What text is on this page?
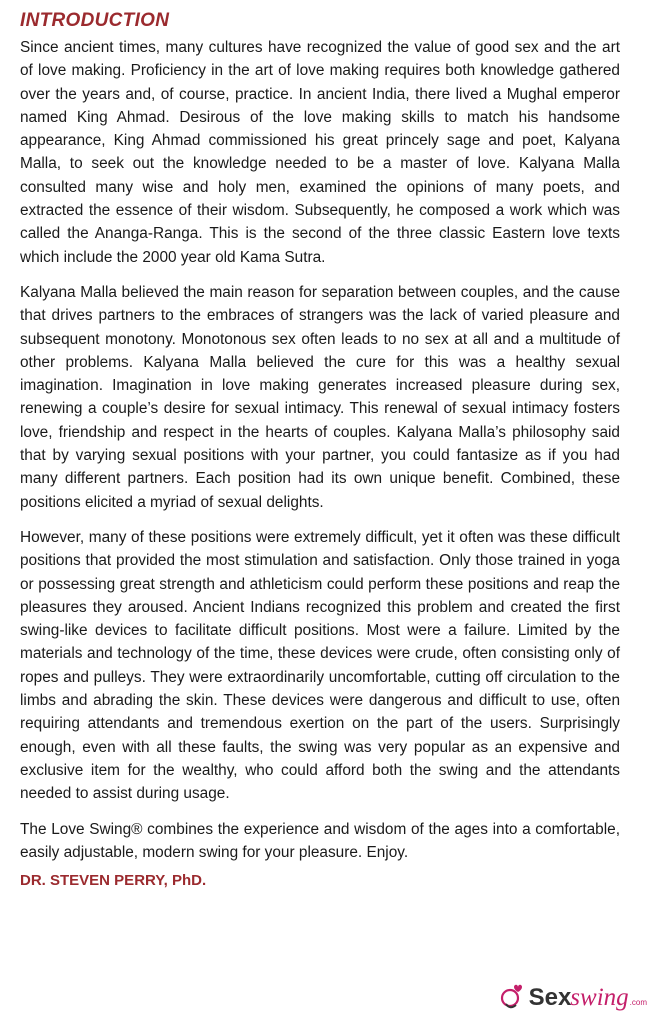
INTRODUCTION

Since ancient times, many cultures have recognized the value of good sex and the art of love making. Proficiency in the art of love making requires both knowledge gathered over the years and, of course, practice. In ancient India, there lived a Mughal emperor named King Ahmad. Desirous of the love making skills to match his handsome appearance, King Ahmad commissioned his great princely sage and poet, Kalyana Malla, to seek out the knowledge needed to be a master of love. Kalyana Malla consulted many wise and holy men, examined the opinions of many poets, and extracted the essence of their wisdom. Subsequently, he composed a work which was called the Ananga-Ranga. This is the second of the three classic Eastern love texts which include the 2000 year old Kama Sutra.

Kalyana Malla believed the main reason for separation between couples, and the cause that drives partners to the embraces of strangers was the lack of varied pleasure and subsequent monotony. Monotonous sex often leads to no sex at all and a multitude of other problems. Kalyana Malla believed the cure for this was a healthy sexual imagination. Imagination in love making generates increased pleasure during sex, renewing a couple’s desire for sexual intimacy. This renewal of sexual intimacy fosters love, friendship and respect in the hearts of couples. Kalyana Malla’s philosophy said that by varying sexual positions with your partner, you could fantasize as if you had many different partners. Each position had its own unique benefit. Combined, these positions elicited a myriad of sexual delights.

However, many of these positions were extremely difficult, yet it often was these difficult positions that provided the most stimulation and satisfaction. Only those trained in yoga or possessing great strength and athleticism could perform these positions and reap the pleasures they aroused. Ancient Indians recognized this problem and created the first swing-like devices to facilitate difficult positions. Most were a failure. Limited by the materials and technology of the time, these devices were crude, often consisting only of ropes and pulleys. They were extraordinarily uncomfortable, cutting off circulation to the limbs and abrading the skin. These devices were dangerous and difficult to use, often requiring attendants and tremendous exertion on the part of the users. Surprisingly enough, even with all these faults, the swing was very popular as an expensive and exclusive item for the wealthy, who could afford both the swing and the attendants needed to assist during usage.

The Love Swing® combines the experience and wisdom of the ages into a comfortable, easily adjustable, modern swing for your pleasure. Enjoy.

DR. STEVEN PERRY, PhD.

Sex swing .com
